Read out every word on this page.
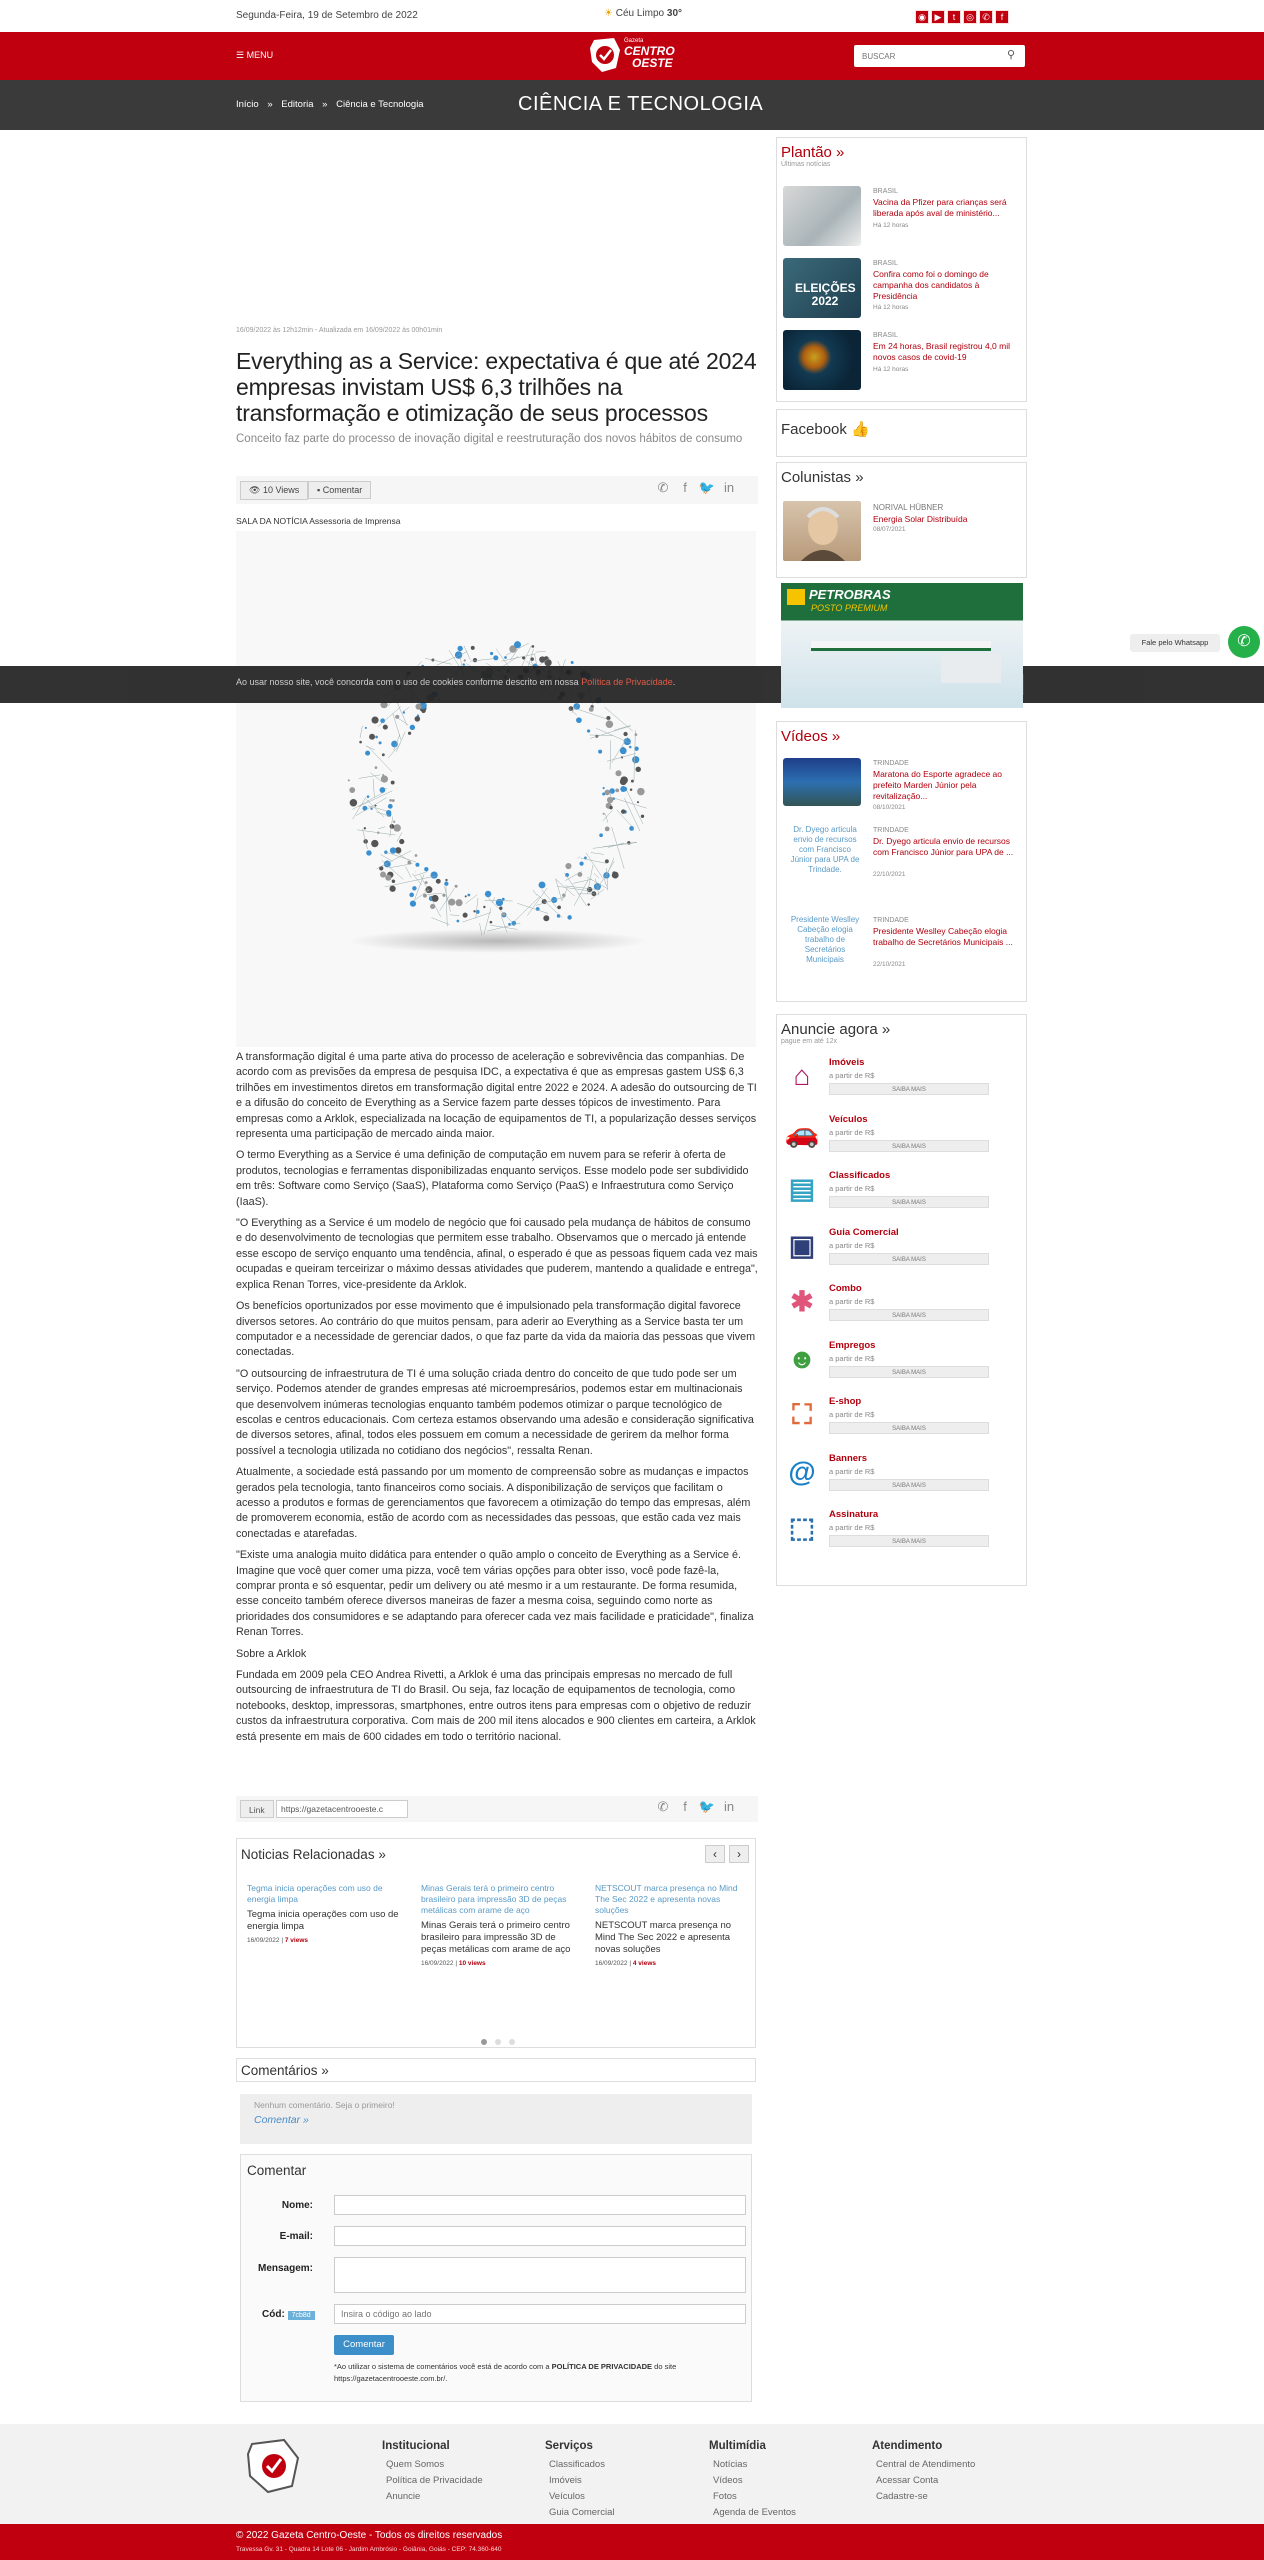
Segunda-Feira, 19 de Setembro de 2022	☀ Céu Limpo 30°	◉ ▶ t ◎ ✆ f
☰ MENU
Gazeta
CENTRO
OESTE
BUSCAR
⚲
Início » Editoria » Ciência e Tecnologia	CIÊNCIA E TECNOLOGIA
16/09/2022 às 12h12min - Atualizada em 16/09/2022 às 00h01min
Everything as a Service: expectativa é que até 2024 empresas invistam US$ 6,3 trilhões na transformação e otimização de seus processos
Conceito faz parte do processo de inovação digital e reestruturação dos novos hábitos de consumo
👁 10 Views	▪ Comentar	✆ f 🐦 in
SALA DA NOTÍCIA Assessoria de Imprensa
Ao usar nosso site, você concorda com o uso de cookies conforme descrito em nossa Política de Privacidade.

A transformação digital é uma parte ativa do processo de aceleração e sobrevivência das companhias. De acordo com as previsões da empresa de pesquisa IDC, a expectativa é que as empresas gastem US$ 6,3 trilhões em investimentos diretos em transformação digital entre 2022 e 2024. A adesão do outsourcing de TI e a difusão do conceito de Everything as a Service fazem parte desses tópicos de investimento. Para empresas como a Arklok, especializada na locação de equipamentos de TI, a popularização desses serviços representa uma participação de mercado ainda maior.

O termo Everything as a Service é uma definição de computação em nuvem para se referir à oferta de produtos, tecnologias e ferramentas disponibilizadas enquanto serviços. Esse modelo pode ser subdividido em três: Software como Serviço (SaaS), Plataforma como Serviço (PaaS) e Infraestrutura como Serviço (IaaS).

"O Everything as a Service é um modelo de negócio que foi causado pela mudança de hábitos de consumo e do desenvolvimento de tecnologias que permitem esse trabalho. Observamos que o mercado já entende esse escopo de serviço enquanto uma tendência, afinal, o esperado é que as pessoas fiquem cada vez mais ocupadas e queiram terceirizar o máximo dessas atividades que puderem, mantendo a qualidade e entrega", explica Renan Torres, vice-presidente da Arklok.

Os benefícios oportunizados por esse movimento que é impulsionado pela transformação digital favorece diversos setores. Ao contrário do que muitos pensam, para aderir ao Everything as a Service basta ter um computador e a necessidade de gerenciar dados, o que faz parte da vida da maioria das pessoas que vivem conectadas.

"O outsourcing de infraestrutura de TI é uma solução criada dentro do conceito de que tudo pode ser um serviço. Podemos atender de grandes empresas até microempresários, podemos estar em multinacionais que desenvolvem inúmeras tecnologias enquanto também podemos otimizar o parque tecnológico de escolas e centros educacionais. Com certeza estamos observando uma adesão e consideração significativa de diversos setores, afinal, todos eles possuem em comum a necessidade de gerirem da melhor forma possível a tecnologia utilizada no cotidiano dos negócios", ressalta Renan.

Atualmente, a sociedade está passando por um momento de compreensão sobre as mudanças e impactos gerados pela tecnologia, tanto financeiros como sociais. A disponibilização de serviços que facilitam o acesso a produtos e formas de gerenciamentos que favorecem a otimização do tempo das empresas, além de promoverem economia, estão de acordo com as necessidades das pessoas, que estão cada vez mais conectadas e atarefadas.

"Existe uma analogia muito didática para entender o quão amplo o conceito de Everything as a Service é. Imagine que você quer comer uma pizza, você tem várias opções para obter isso, você pode fazê-la, comprar pronta e só esquentar, pedir um delivery ou até mesmo ir a um restaurante. De forma resumida, esse conceito também oferece diversos maneiras de fazer a mesma coisa, seguindo como norte as prioridades dos consumidores e se adaptando para oferecer cada vez mais facilidade e praticidade", finaliza Renan Torres.

Sobre a Arklok

Fundada em 2009 pela CEO Andrea Rivetti, a Arklok é uma das principais empresas no mercado de full outsourcing de infraestrutura de TI do Brasil. Ou seja, faz locação de equipamentos de tecnologia, como notebooks, desktop, impressoras, smartphones, entre outros itens para empresas com o objetivo de reduzir custos da infraestrutura corporativa. Com mais de 200 mil itens alocados e 900 clientes em carteira, a Arklok está presente em mais de 600 cidades em todo o território nacional.

Link
https://gazetacentrooeste.c	✆ f 🐦 in
Noticias Relacionadas »	‹	›
Tegma inicia operações com uso de energia limpa
Tegma inicia operações com uso de energia limpa
16/09/2022 | 7 views
Minas Gerais terá o primeiro centro brasileiro para impressão 3D de peças metálicas com arame de aço
Minas Gerais terá o primeiro centro brasileiro para impressão 3D de peças metálicas com arame de aço
16/09/2022 | 10 views
NETSCOUT marca presença no Mind The Sec 2022 e apresenta novas soluções
NETSCOUT marca presença no Mind The Sec 2022 e apresenta novas soluções
16/09/2022 | 4 views
Comentários »
Nenhum comentário. Seja o primeiro!
Comentar »
Comentar
Nome:
E-mail:
Mensagem:
Cód: 7cb8d
Insira o código ao lado
Comentar
*Ao utilizar o sistema de comentários você está de acordo com a POLÍTICA DE PRIVACIDADE do site https://gazetacentrooeste.com.br/.
Plantão »
Últimas notícias
BRASIL
Vacina da Pfizer para crianças será liberada após aval de ministério...
Há 12 horas
ELEIÇÕES 2022
BRASIL
Confira como foi o domingo de campanha dos candidatos à Presidência
Há 12 horas
BRASIL
Em 24 horas, Brasil registrou 4,0 mil novos casos de covid-19
Há 12 horas
Facebook 👍
Colunistas »
NORIVAL HÜBNER
Energia Solar Distribuída
08/07/2021
PETROBRAS
POSTO PREMIUM
Vídeos »
TRINDADE
Maratona do Esporte agradece ao prefeito Marden Júnior pela revitalização...
08/10/2021
Dr. Dyego articula envio de recursos com Francisco Júnior para UPA de Trindade.
TRINDADE
Dr. Dyego articula envio de recursos com Francisco Júnior para UPA de ...
22/10/2021
Presidente Weslley Cabeção elogia trabalho de Secretários Municipais
TRINDADE
Presidente Weslley Cabeção elogia trabalho de Secretários Municipais ...
22/10/2021
Anuncie agora »
pague em até 12x
⌂	Imóveis
a partir de R$
SAIBA MAIS
🚗 Veículos
a partir de R$
SAIBA MAIS
▤	Classificados
a partir de R$
SAIBA MAIS
▣	Guia Comercial
a partir de R$
SAIBA MAIS
✱	Combo
a partir de R$
SAIBA MAIS
☻	Empregos
a partir de R$
SAIBA MAIS
⛶	E-shop
a partir de R$
SAIBA MAIS
@	Banners
a partir de R$
SAIBA MAIS
⬚	Assinatura
a partir de R$
SAIBA MAIS
Fale pelo Whatsapp	✆
Institucional
Quem Somos
Política de Privacidade
Anuncie
Serviços
Classificados
Imóveis
Veículos
Guia Comercial
Multimídia
Notícias
Vídeos
Fotos
Agenda de Eventos
Atendimento
Central de Atendimento
Acessar Conta
Cadastre-se
© 2022 Gazeta Centro-Oeste - Todos os direitos reservados
Travessa Gv. 31 - Quadra 14 Lote 06 - Jardim Ambrósio - Goiânia, Goiás - CEP: 74.360-640
